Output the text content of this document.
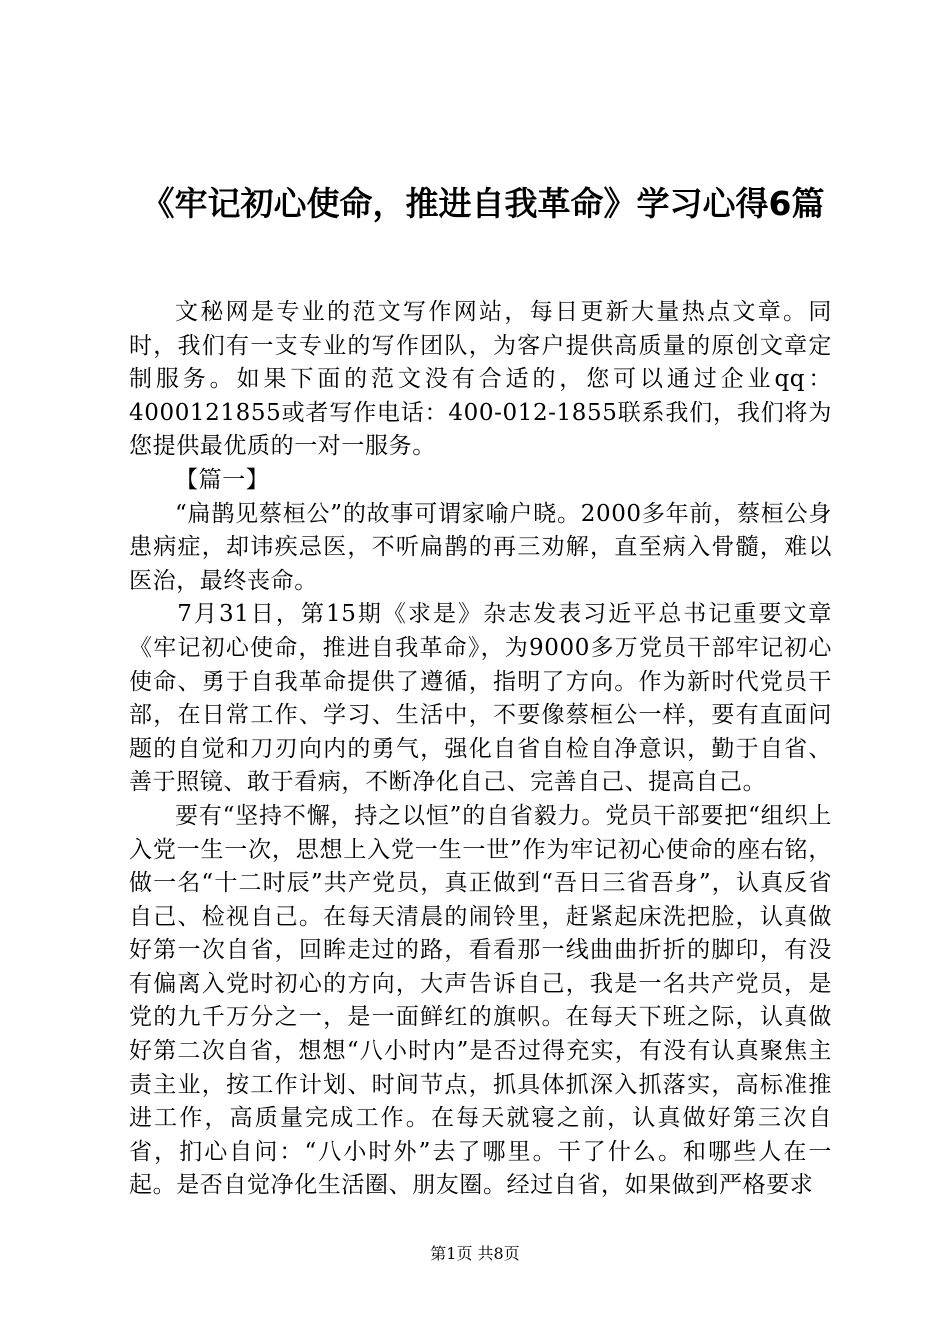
《牢记初心使命，推进自我革命》学习心得6篇

文秘网是专业的范文写作网站，每日更新大量热点文章。同时，我们有一支专业的写作团队，为客户提供高质量的原创文章定制服务。如果下面的范文没有合适的，您可以通过企业qq：4000121855或者写作电话：400-012-1855联系我们，我们将为您提供最优质的一对一服务。

【篇一】

“扁鹊见蔡桓公”的故事可谓家喻户晓。2000多年前，蔡桓公身患病症，却讳疾忌医，不听扁鹊的再三劝解，直至病入骨髓，难以医治，最终丧命。

7月31日，第15期《求是》杂志发表习近平总书记重要文章《牢记初心使命，推进自我革命》，为9000多万党员干部牢记初心使命、勇于自我革命提供了遵循，指明了方向。作为新时代党员干部，在日常工作、学习、生活中，不要像蔡桓公一样，要有直面问题的自觉和刀刃向内的勇气，强化自省自检自净意识，勤于自省、善于照镜、敢于看病，不断净化自己、完善自己、提高自己。

要有“坚持不懈，持之以恒”的自省毅力。党员干部要把“组织上入党一生一次，思想上入党一生一世”作为牢记初心使命的座右铭，做一名“十二时辰”共产党员，真正做到“吾日三省吾身”，认真反省自己、检视自己。在每天清晨的闹铃里，赶紧起床洗把脸，认真做好第一次自省，回眸走过的路，看看那一线曲曲折折的脚印，有没有偏离入党时初心的方向，大声告诉自己，我是一名共产党员，是党的九千万分之一，是一面鲜红的旗帜。在每天下班之际，认真做好第二次自省，想想“八小时内”是否过得充实，有没有认真聚焦主责主业，按工作计划、时间节点，抓具体抓深入抓落实，高标准推进工作，高质量完成工作。在每天就寝之前，认真做好第三次自省，扪心自问：“八小时外”去了哪里。干了什么。和哪些人在一起。是否自觉净化生活圈、朋友圈。经过自省，如果做到严格要求

第1页 共8页
